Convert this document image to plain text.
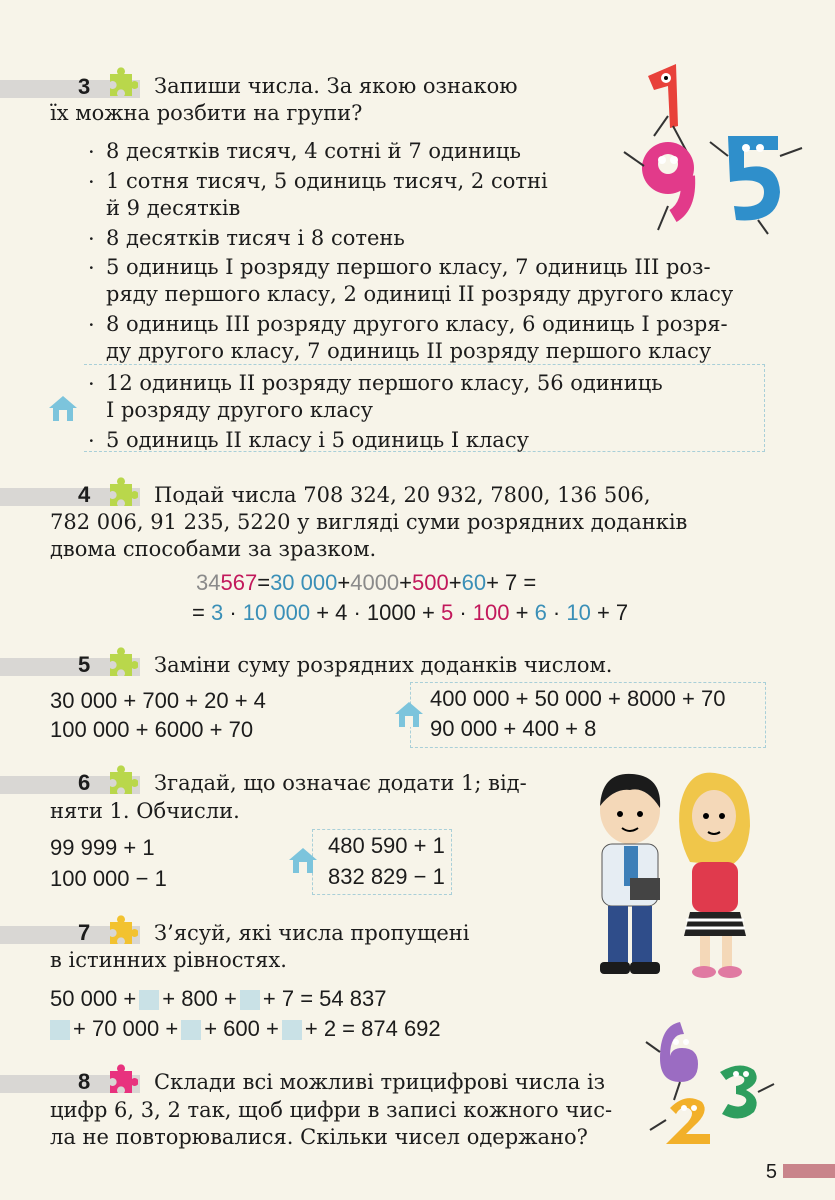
3	Запиши числа. За якою ознакою
їх можна розбити на групи?
· 8 десятків тисяч, 4 сотні й 7 одиниць
· 1 сотня тисяч, 5 одиниць тисяч, 2 сотні
й 9 десятків
· 8 десятків тисяч і 8 сотень
· 5 одиниць I розряду першого класу, 7 одиниць III роз-
ряду першого класу, 2 одиниці II розряду другого класу
· 8 одиниць III розряду другого класу, 6 одиниць I розря-
ду другого класу, 7 одиниць II розряду першого класу
· 12 одиниць II розряду першого класу, 56 одиниць
I розряду другого класу
· 5 одиниць II класу і 5 одиниць I класу
4	Подай числа 708 324, 20 932, 7800, 136 506,
782 006, 91 235, 5220 у вигляді суми розрядних доданків
двома способами за зразком.
34567=30 000+4000+500+60+ 7 =
= 3 · 10 000 + 4 · 1000 + 5 · 100 + 6 · 10 + 7
5	Заміни суму розрядних доданків числом.
30 000 + 700 + 20 + 4
100 000 + 6000 + 70
400 000 + 50 000 + 8000 + 70
90 000 + 400 + 8
6	Згадай, що означає додати 1; від-
няти 1. Обчисли.
99 999 + 1
100 000 − 1
480 590 + 1
832 829 − 1
7	З’ясуй, які числа пропущені
в істинних рівностях.
50 000 + + 800 + + 7 = 54 837
+ 70 000 + + 600 + + 2 = 874 692
8	Склади всі можливі трицифрові числа із
цифр 6, 3, 2 так, щоб цифри в записі кожного чис-
ла не повторювалися. Скільки чисел одержано?
5
